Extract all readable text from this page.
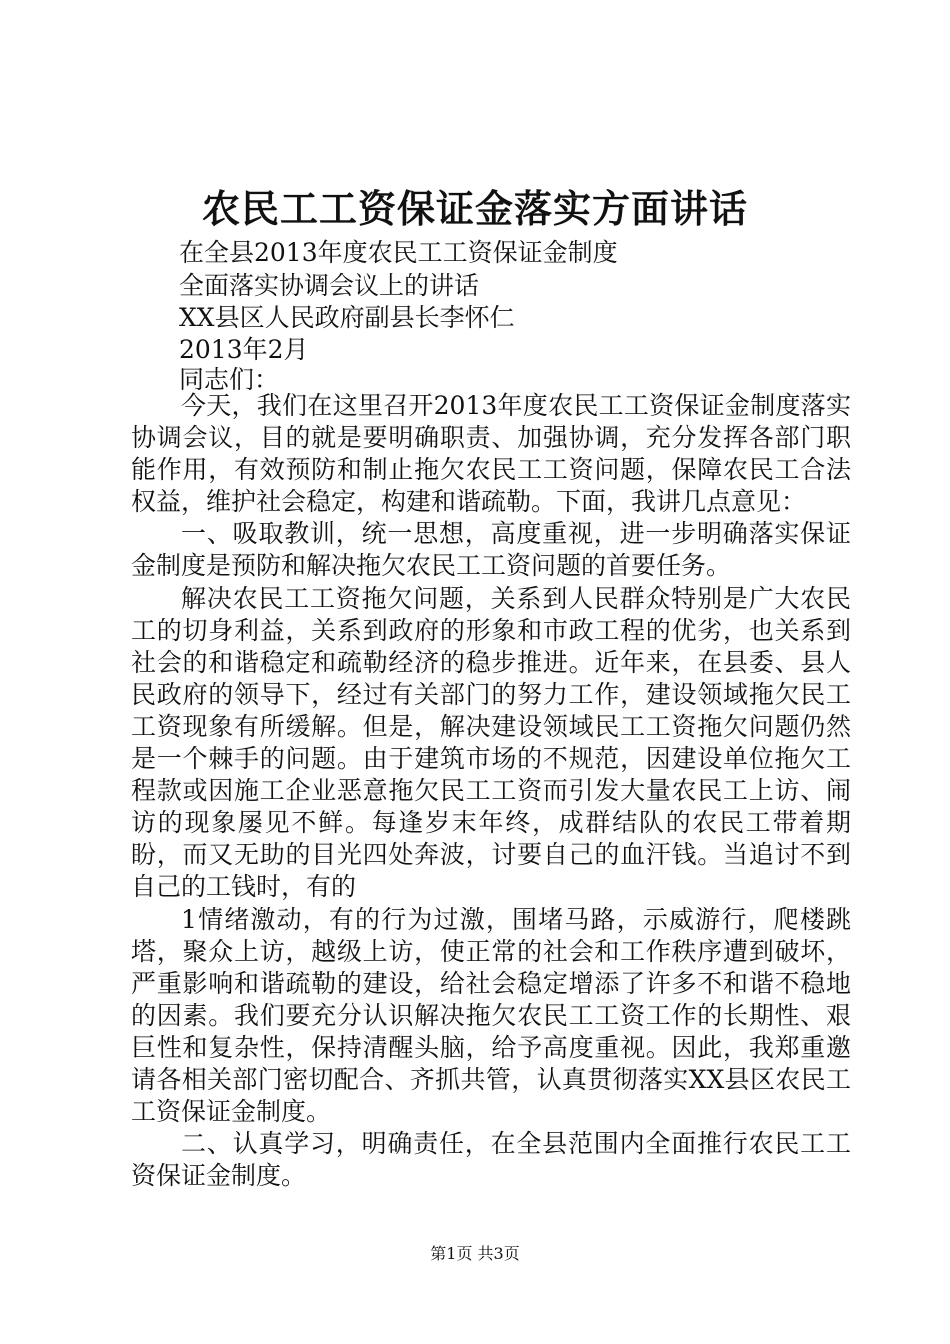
农民工工资保证金落实方面讲话
在全县2013年度农民工工资保证金制度
全面落实协调会议上的讲话
XX县区人民政府副县长李怀仁
2013年2月
同志们：

今天，我们在这里召开2013年度农民工工资保证金制度落实协调会议，目的就是要明确职责、加强协调，充分发挥各部门职能作用，有效预防和制止拖欠农民工工资问题，保障农民工合法权益，维护社会稳定，构建和谐疏勒。下面，我讲几点意见：

一、吸取教训，统一思想，高度重视，进一步明确落实保证金制度是预防和解决拖欠农民工工资问题的首要任务。

解决农民工工资拖欠问题，关系到人民群众特别是广大农民工的切身利益，关系到政府的形象和市政工程的优劣，也关系到社会的和谐稳定和疏勒经济的稳步推进。近年来，在县委、县人民政府的领导下，经过有关部门的努力工作，建设领域拖欠民工工资现象有所缓解。但是，解决建设领域民工工资拖欠问题仍然是一个棘手的问题。由于建筑市场的不规范，因建设单位拖欠工程款或因施工企业恶意拖欠民工工资而引发大量农民工上访、闹访的现象屡见不鲜。每逢岁末年终，成群结队的农民工带着期盼，而又无助的目光四处奔波，讨要自己的血汗钱。当追讨不到自己的工钱时，有的

1情绪激动，有的行为过激，围堵马路，示威游行，爬楼跳塔，聚众上访，越级上访，使正常的社会和工作秩序遭到破坏，严重影响和谐疏勒的建设，给社会稳定增添了许多不和谐不稳地的因素。我们要充分认识解决拖欠农民工工资工作的长期性、艰巨性和复杂性，保持清醒头脑，给予高度重视。因此，我郑重邀请各相关部门密切配合、齐抓共管，认真贯彻落实XX县区农民工工资保证金制度。

二、认真学习，明确责任，在全县范围内全面推行农民工工资保证金制度。

第1页 共3页
